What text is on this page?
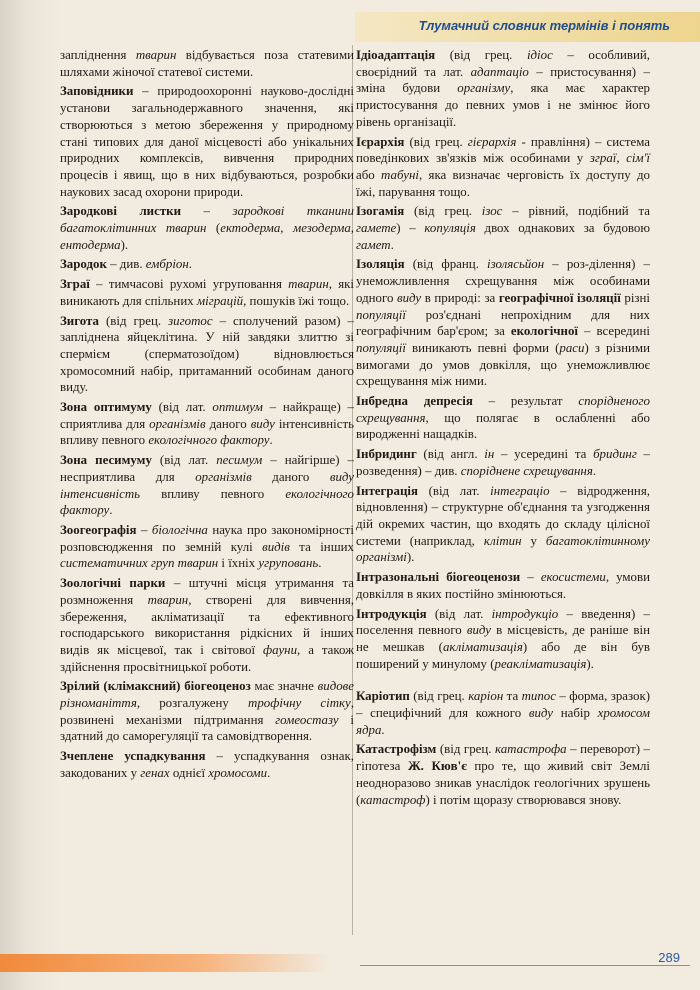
Тлумачний словник термінів і понять

запліднення тварин відбувається поза статевими шляхами жіночої статевої системи.

Заповідники – природоохоронні науково-дослідні установи загальнодержавного значення, які створюються з метою збереження у природному стані типових для даної місцевості або унікальних природних комплексів, вивчення природних процесів і явищ, що в них відбуваються, розробки наукових засад охорони природи.

Зародкові листки – зародкові тканини багатоклітинних тварин (ектодерма, мезодерма, ентодерма).

Зародок – див. ембріон.

Зграї – тимчасові рухомі угруповання тварин, які виникають для спільних міграцій, пошуків їжі тощо.

Зигота (від грец. зиготос – сполучений разом) – запліднена яйцеклітина. У ній завдяки злиттю зі спермієм (сперматозоїдом) відновлюється хромосомний набір, притаманний особинам даного виду.

Зона оптимуму (від лат. оптимум – найкраще) – сприятлива для організмів даного виду інтенсивність впливу певного екологічного фактору.

Зона песимуму (від лат. песимум – найгірше) – несприятлива для організмів даного виду інтенсивність впливу певного екологічного фактору.

Зоогеографія – біологічна наука про закономірності розповсюдження по земній кулі видів та інших систематичних груп тварин і їхніх угруповань.

Зоологічні парки – штучні місця утримання та розмноження тварин, створені для вивчення, збереження, акліматизації та ефективного господарського використання рідкісних й інших видів як місцевої, так і світової фауни, а також здійснення просвітницької роботи.

Зрілий (клімаксний) біогеоценоз має значне видове різноманіття, розгалужену трофічну сітку, розвинені механізми підтримання гомеостазу і здатний до саморегуляції та самовідтворення.

Зчеплене успадкування – успадкування ознак, закодованих у генах однієї хромосоми.

Ідіоадаптація (від грец. ідіос – особливий, своєрідний та лат. адаптаціо – пристосування) – зміна будови організму, яка має характер пристосування до певних умов і не змінює його рівень організації.

Ієрархія (від грец. гієрархія - правління) – система поведінкових зв'язків між особинами у зграї, сім'ї або табуні, яка визначає черговість їх доступу до їжі, парування тощо.

Ізогамія (від грец. ізос – рівний, подібний та гамете) – копуляція двох однакових за будовою гамет.

Ізоляція (від франц. ізолясьйон – роз-ділення) – унеможливлення схрещування між особинами одного виду в природі: за географічної ізоляції різні популяції роз'єднані непрохідним для них географічним бар'єром; за екологічної – всередині популяції виникають певні форми (раси) з різними вимогами до умов довкілля, що унеможливлює схрещування між ними.

Інбредна депресія – результат спорідненого схрещування, що полягає в ослабленні або виродженні нащадків.

Інбридинг (від англ. ін – усередині та бридинг – розведення) – див. споріднене схрещування.

Інтеграція (від лат. інтеграціо – відродження, відновлення) – структурне об'єднання та узгодження дій окремих частин, що входять до складу цілісної системи (наприклад, клітин у багатоклітинному організмі).

Інтразональні біогеоценози – екосистеми, умови довкілля в яких постійно змінюються.

Інтродукція (від лат. інтродукціо – введення) – поселення певного виду в місцевість, де раніше він не мешкав (акліматизація) або де він був поширений у минулому (реакліматизація).

Каріотип (від грец. каріон та типос – форма, зразок) – специфічний для кожного виду набір хромосом ядра.

Катастрофізм (від грец. катастрофа – переворот) – гіпотеза Ж. Кюв'є про те, що живий світ Землі неодноразово зникав унаслідок геологічних зрушень (катастроф) і потім щоразу створювався знову.

289
